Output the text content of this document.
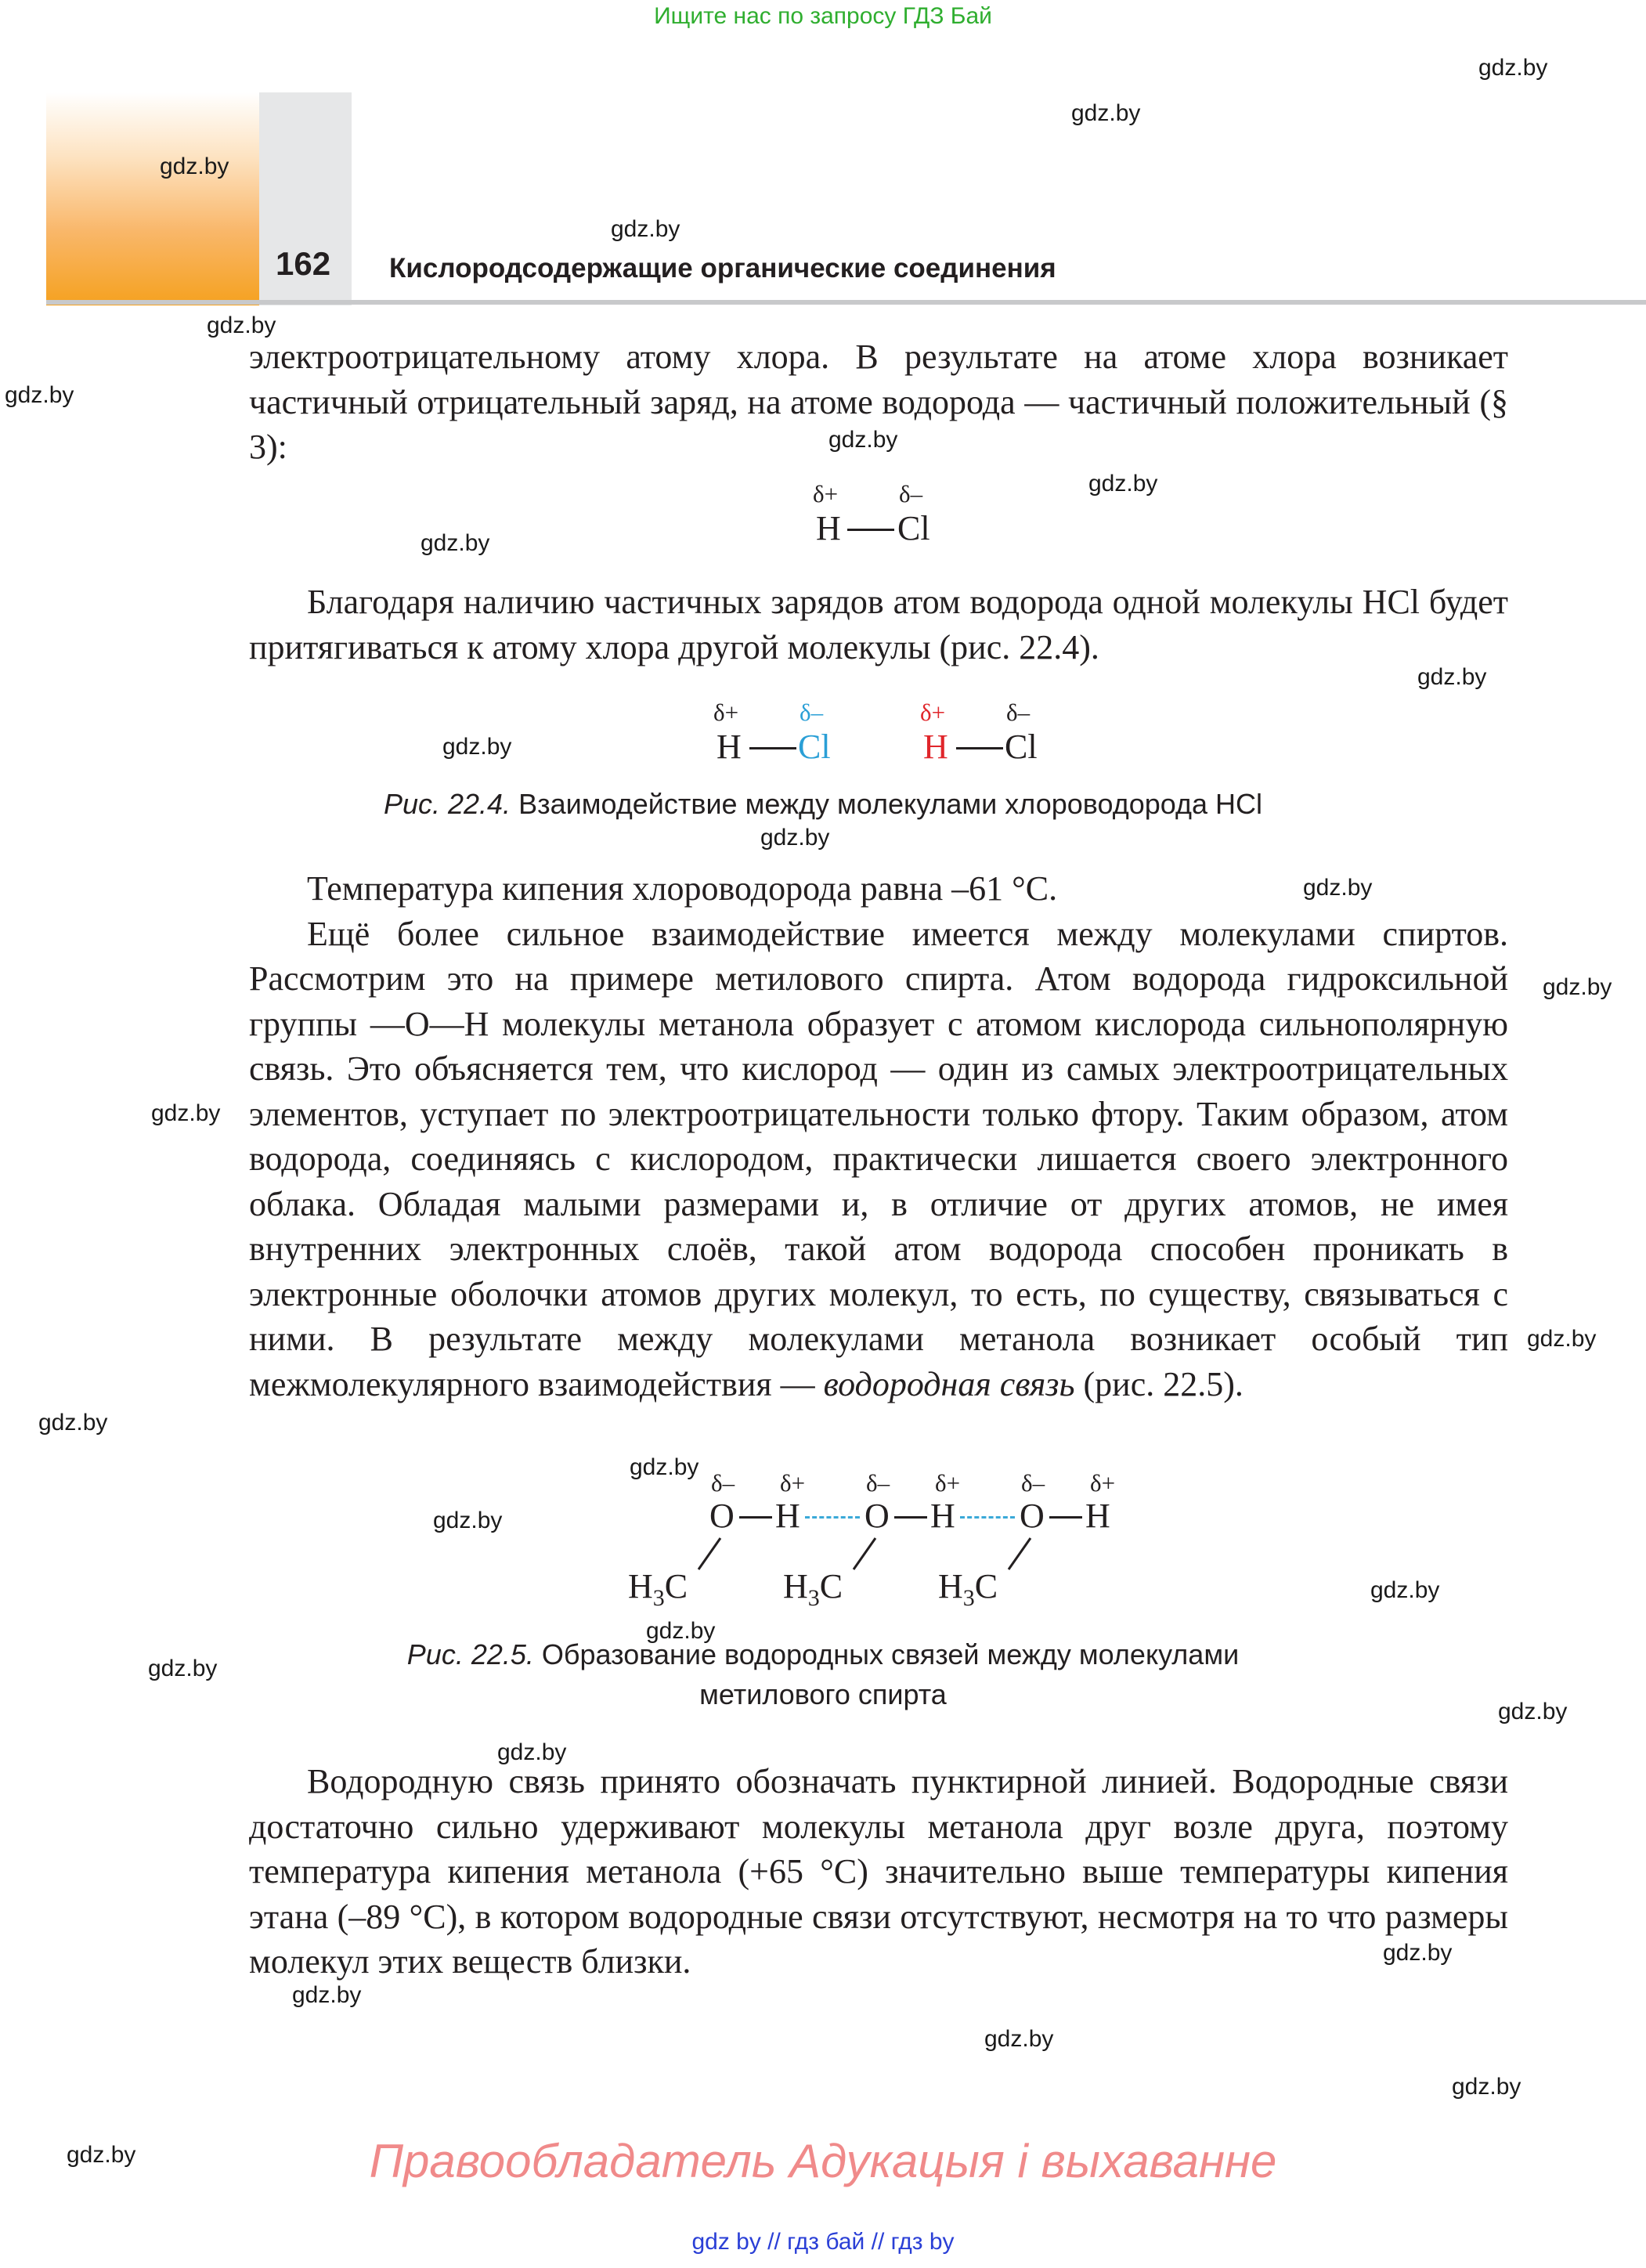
Ищите нас по запросу ГДЗ Бай
162 Кислородсодержащие органические соединения
gdz.by
gdz.by
gdz.by
gdz.by
gdz.by
gdz.by
gdz.by
gdz.by
gdz.by
gdz.by
gdz.by
gdz.by
gdz.by
gdz.by
gdz.by
gdz.by
gdz.by
gdz.by
gdz.by
gdz.by
gdz.by
gdz.by
gdz.by
gdz.by
gdz.by
gdz.by
gdz.by
gdz.by
gdz.by

электроотрицательному атому хлора. В результате на атоме хлора возникает частичный отрицательный заряд, на атоме водорода — частичный положительный (§ 3):

δ+	δ–
H Cl

Благодаря наличию частичных зарядов атом водорода одной молекулы HCl будет притягиваться к атому хлора другой молекулы (рис. 22.4).

δ+	δ–
H Cl
δ+	δ–
H Cl
Рис. 22.4. Взаимодействие между молекулами хлороводорода HCl

Температура кипения хлороводорода равна –61 °C.

Ещё более сильное взаимодействие имеется между молекулами спиртов. Рассмотрим это на примере метилового спирта. Атом водорода гидроксильной группы —O—H молекулы метанола образует с атомом кислорода сильнополярную связь. Это объясняется тем, что кислород — один из самых электроотрицательных элементов, уступает по электроотрицательности только фтору. Таким образом, атом водорода, соединяясь с кислородом, практически лишается своего электронного облака. Обладая малыми размерами и, в отличие от других атомов, не имея внутренних электронных слоёв, такой атом водорода способен проникать в электронные оболочки атомов других молекул, то есть, по существу, связываться с ними. В результате между молекулами метанола возникает особый тип межмолекулярного взаимодействия — водородная связь (рис. 22.5).

δ– δ+
O H
δ– δ+
O H
δ– δ+
O H
$H_3C$	$H_3C$	$H_3C$
Рис. 22.5. Образование водородных связей между молекулами
метилового спирта

Водородную связь принято обозначать пунктирной линией. Водородные связи достаточно сильно удерживают молекулы метанола друг возле друга, поэтому температура кипения метанола (+65 °C) значительно выше температуры кипения этана (–89 °C), в котором водородные связи отсутствуют, несмотря на то что размеры молекул этих веществ близки.

Правообладатель Адукацыя і выхаванне
gdz by // гдз бай // гдз by
